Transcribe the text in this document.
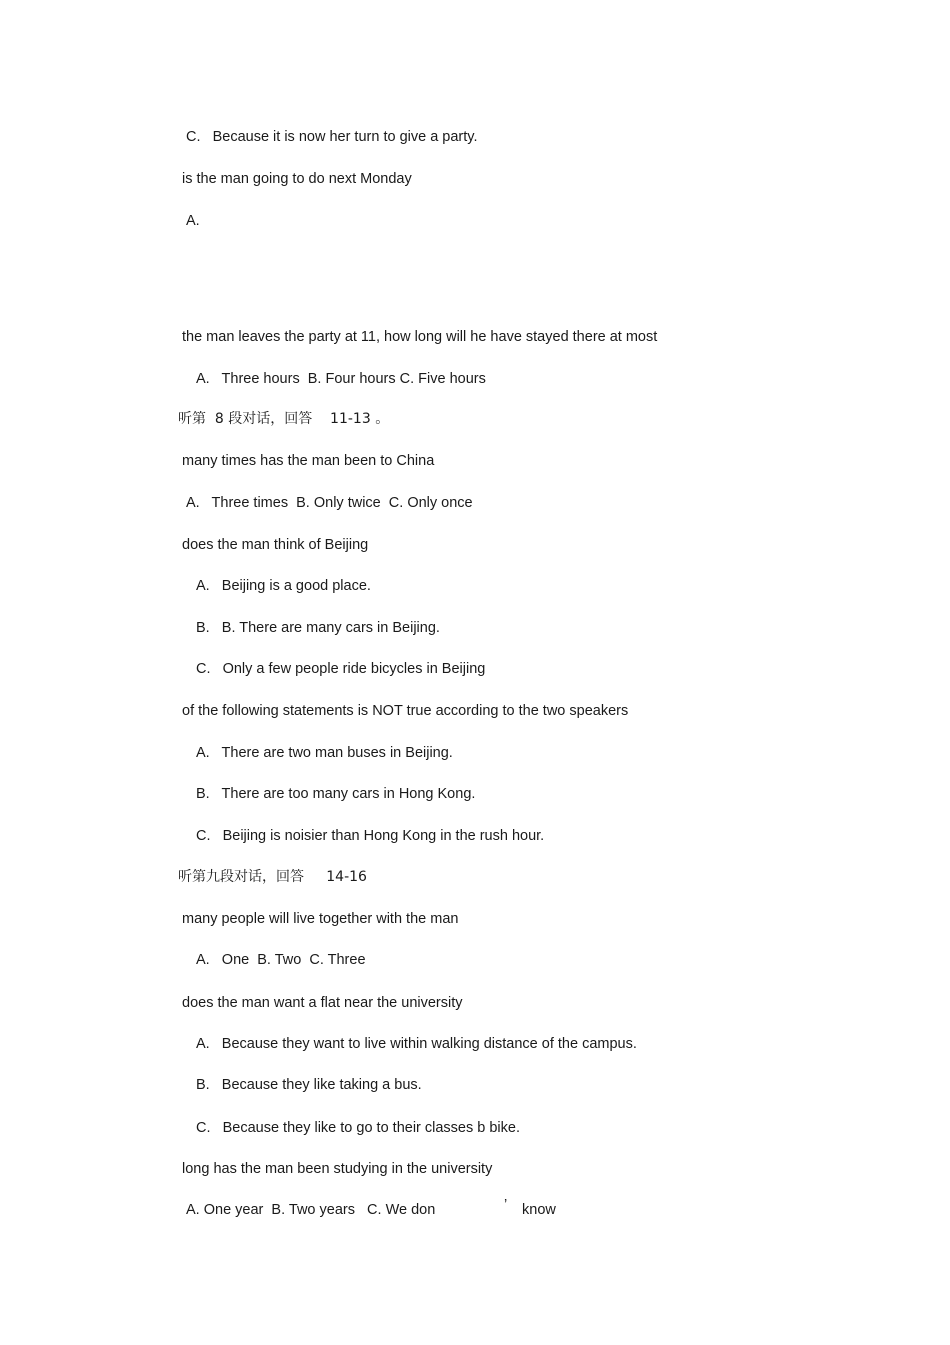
C.   Because it is now her turn to give a party.
is the man going to do next Monday
A.
the man leaves the party at 11, how long will he have stayed there at most
A.   Three hours  B. Four hours C. Five hours
听第  8 段对话，回答    11-13 。
many times has the man been to China
A.   Three times  B. Only twice  C. Only once
does the man think of Beijing
A.   Beijing is a good place.
B.   B. There are many cars in Beijing.
C.   Only a few people ride bicycles in Beijing
of the following statements is NOT true according to the two speakers
A.   There are two man buses in Beijing.
B.   There are too many cars in Hong Kong.
C.   Beijing is noisier than Hong Kong in the rush hour.
听第九段对话，回答     14-16
many people will live together with the man
A.   One  B. Two  C. Three
does the man want a flat near the university
A.   Because they want to live within walking distance of the campus.
B.   Because they like taking a bus.
C.   Because they like to go to their classes b bike.
long has the man been studying in the university
A. One year  B. Two years   C. We don	’ know
